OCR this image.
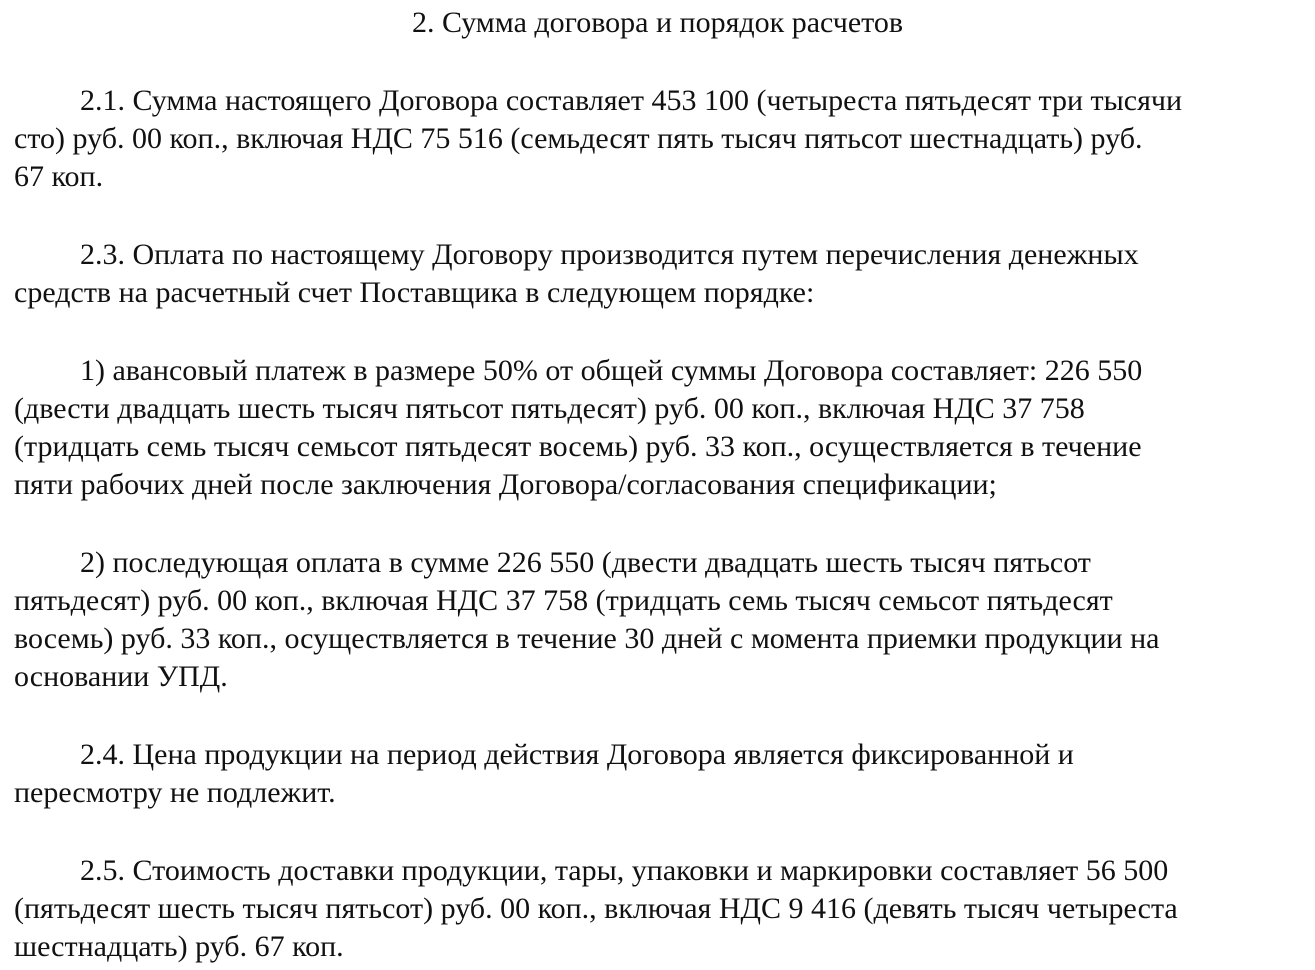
2. Сумма договора и порядок расчетов

2.1. Сумма настоящего Договора составляет 453 100 (четыреста пятьдесят три тысячи
сто) руб. 00 коп., включая НДС 75 516 (семьдесят пять тысяч пятьсот шестнадцать) руб.
67 коп.

2.3. Оплата по настоящему Договору производится путем перечисления денежных
средств на расчетный счет Поставщика в следующем порядке:

1) авансовый платеж в размере 50% от общей суммы Договора составляет: 226 550
(двести двадцать шесть тысяч пятьсот пятьдесят) руб. 00 коп., включая НДС 37 758
(тридцать семь тысяч семьсот пятьдесят восемь) руб. 33 коп., осуществляется в течение
пяти рабочих дней после заключения Договора/согласования спецификации;

2) последующая оплата в сумме 226 550 (двести двадцать шесть тысяч пятьсот
пятьдесят) руб. 00 коп., включая НДС 37 758 (тридцать семь тысяч семьсот пятьдесят
восемь) руб. 33 коп., осуществляется в течение 30 дней с момента приемки продукции на
основании УПД.

2.4. Цена продукции на период действия Договора является фиксированной и
пересмотру не подлежит.

2.5. Стоимость доставки продукции, тары, упаковки и маркировки составляет 56 500
(пятьдесят шесть тысяч пятьсот) руб. 00 коп., включая НДС 9 416 (девять тысяч четыреста
шестнадцать) руб. 67 коп.
